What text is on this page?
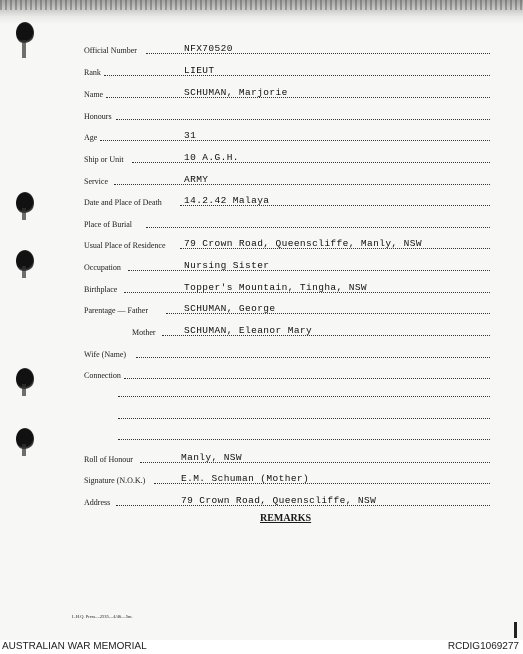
Official Number	NFX70520
Rank	LIEUT
Name	SCHUMAN, Marjorie
Honours
Age	31
Ship or Unit	10 A.G.H.
Service	ARMY
Date and Place of Death 14.2.42 Malaya
Place of Burial
Usual Place of Residence 79 Crown Road, Queenscliffe, Manly, NSW
Occupation	Nursing Sister
Birthplace	Topper's Mountain, Tingha, NSW
Parentage — Father	SCHUMAN, George
Mother	SCHUMAN, Eleanor Mary
Wife (Name)
Connection
Roll of Honour	Manly, NSW
Signature (N.O.K.)	E.M. Schuman (Mother)
Address	79 Crown Road, Queenscliffe, NSW
REMARKS
L.H.Q. Press—2535—4/46—5m.
AUSTRALIAN WAR MEMORIAL	RCDIG1069277
